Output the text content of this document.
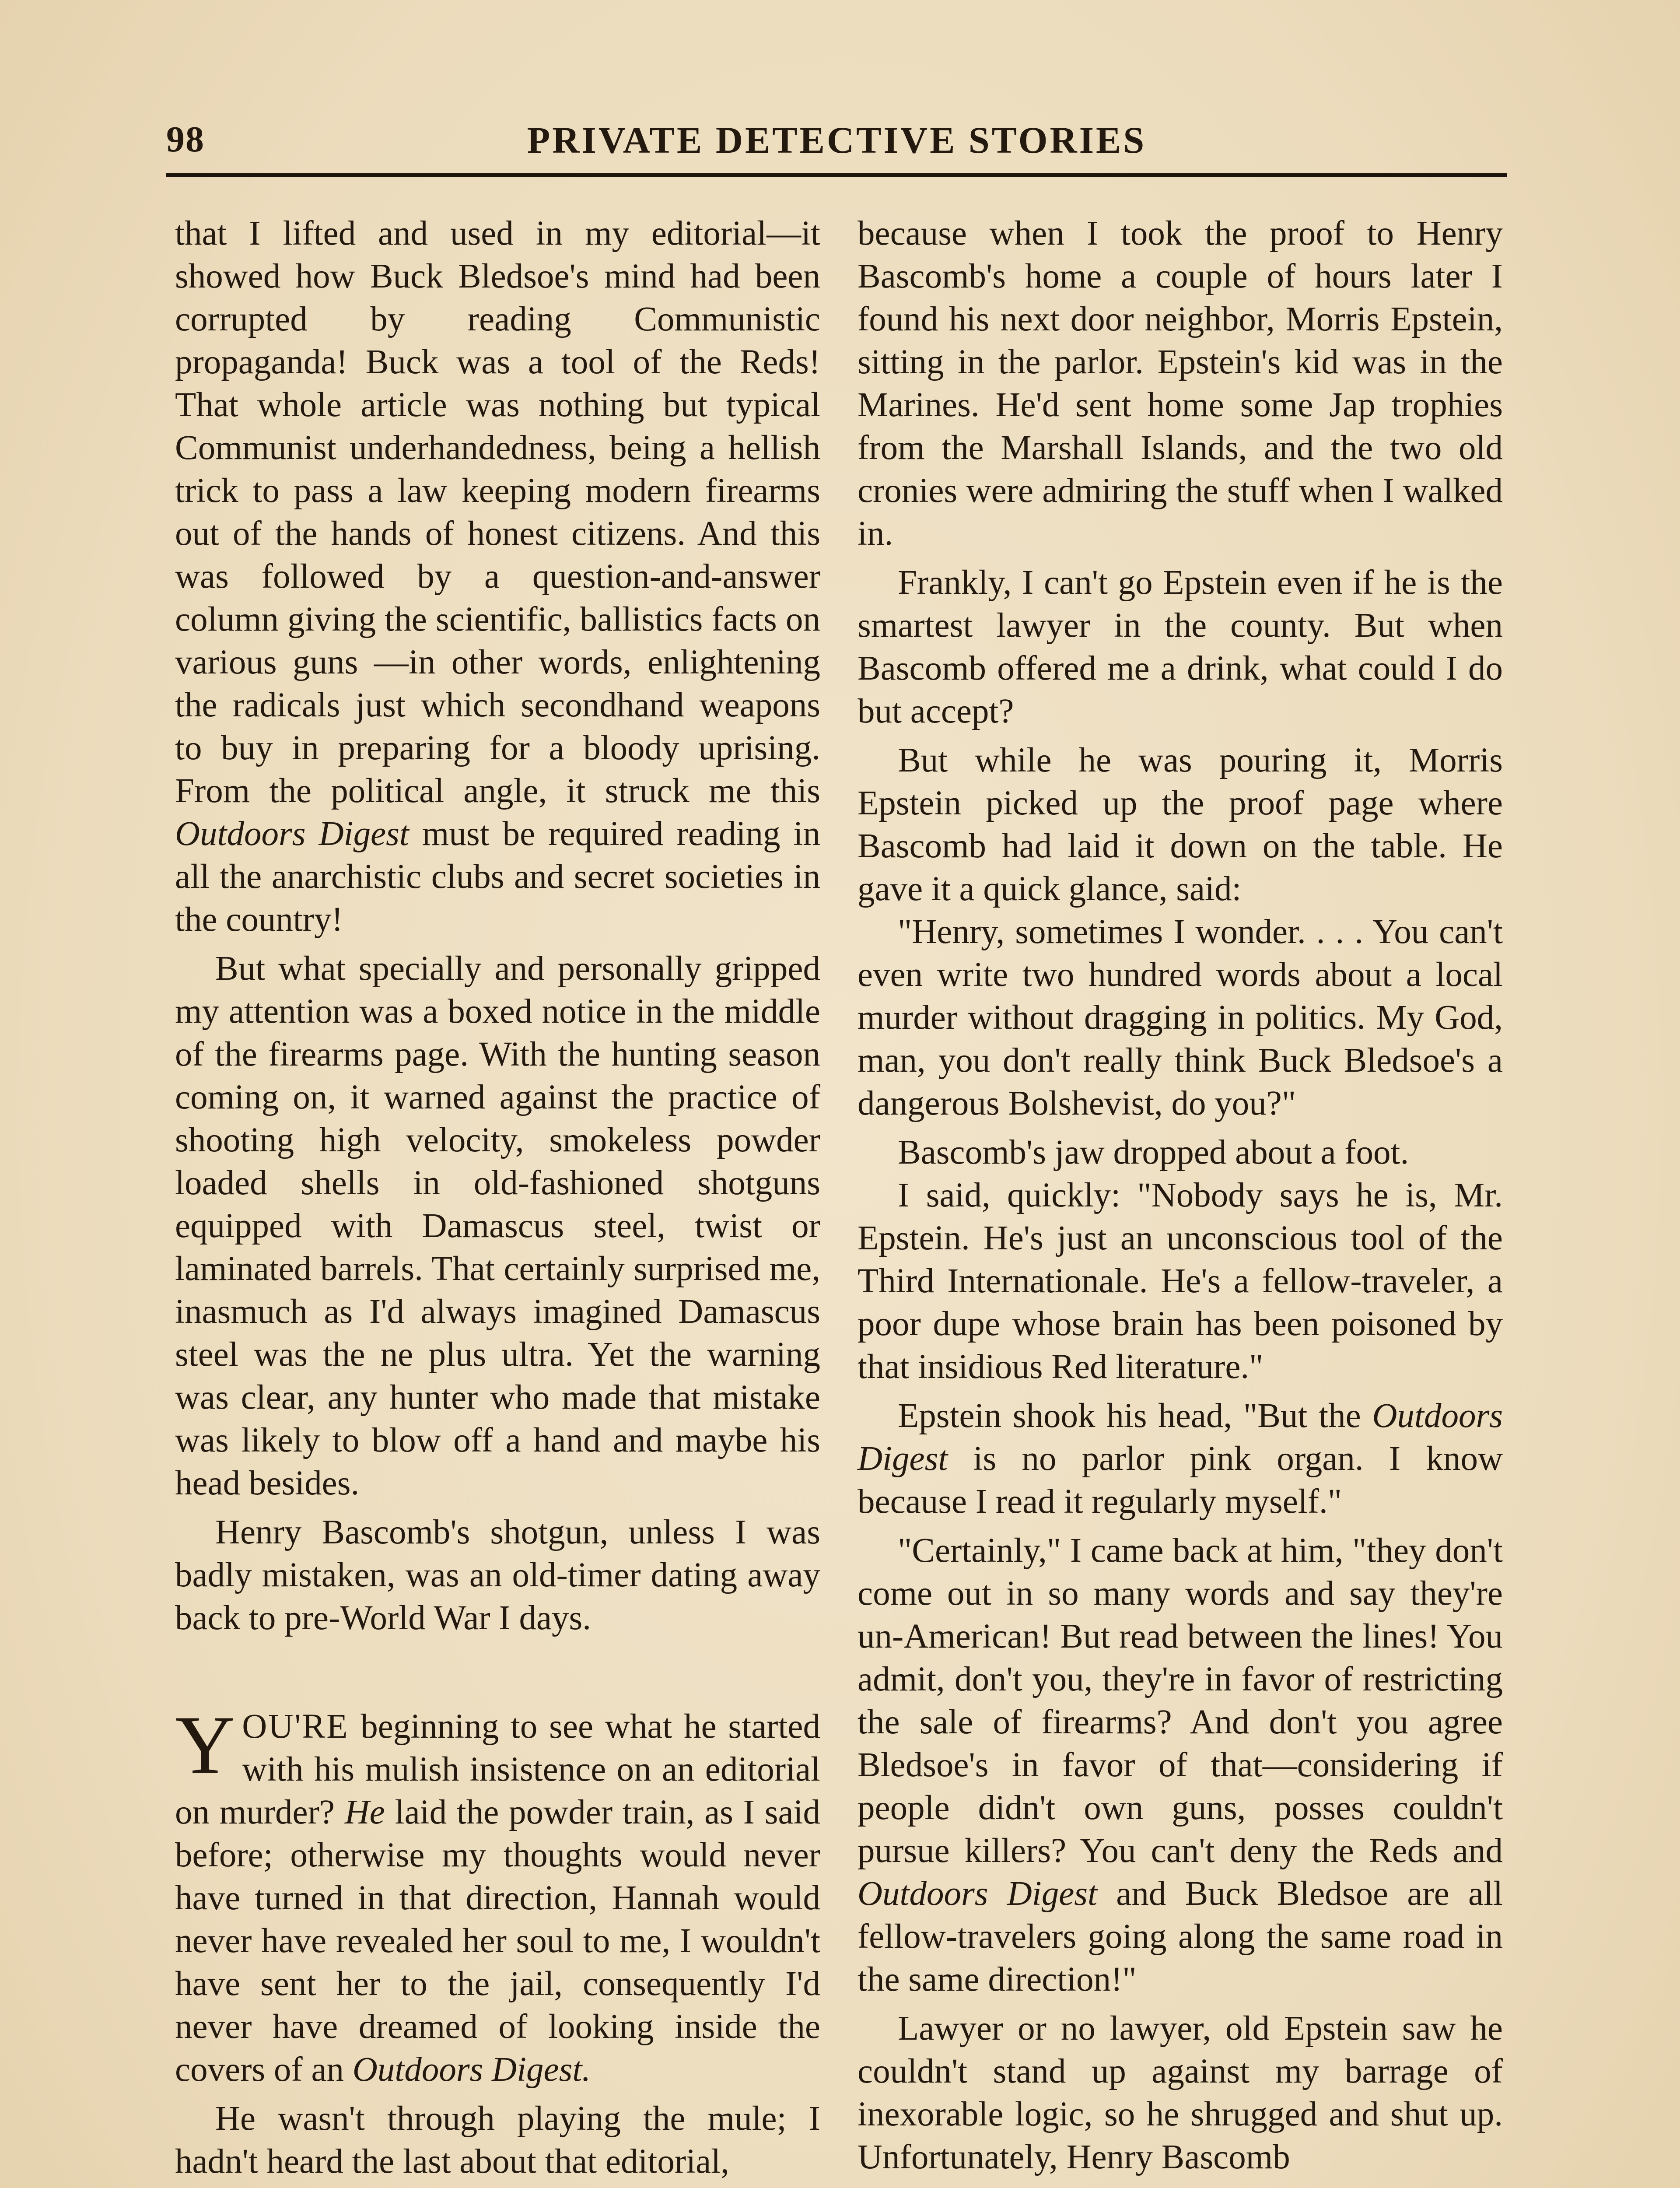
98	PRIVATE DETECTIVE STORIES

that I lifted and used in my editorial—it showed how Buck Bledsoe's mind had been corrupted by reading Communistic propaganda! Buck was a tool of the Reds! That whole article was nothing but typical Communist underhandedness, being a hellish trick to pass a law keeping modern firearms out of the hands of honest citizens. And this was followed by a question-and-answer column giving the scientific, ballistics facts on various guns —in other words, enlightening the radicals just which secondhand weapons to buy in preparing for a bloody uprising. From the political angle, it struck me this Outdoors Digest must be required reading in all the anarchistic clubs and secret societies in the country!

But what specially and personally gripped my attention was a boxed notice in the middle of the firearms page. With the hunting season coming on, it warned against the practice of shooting high velocity, smokeless powder loaded shells in old-fashioned shotguns equipped with Damascus steel, twist or laminated barrels. That certainly surprised me, inasmuch as I'd always imagined Damascus steel was the ne plus ultra. Yet the warning was clear, any hunter who made that mistake was likely to blow off a hand and maybe his head besides.

Henry Bascomb's shotgun, unless I was badly mistaken, was an old-timer dating away back to pre-World War I days.

YOU'RE beginning to see what he started with his mulish insistence on an editorial on murder? He laid the powder train, as I said before; otherwise my thoughts would never have turned in that direction, Hannah would never have revealed her soul to me, I wouldn't have sent her to the jail, consequently I'd never have dreamed of looking inside the covers of an Outdoors Digest.

He wasn't through playing the mule; I hadn't heard the last about that editorial,

because when I took the proof to Henry Bascomb's home a couple of hours later I found his next door neighbor, Morris Epstein, sitting in the parlor. Epstein's kid was in the Marines. He'd sent home some Jap trophies from the Marshall Islands, and the two old cronies were admiring the stuff when I walked in.

Frankly, I can't go Epstein even if he is the smartest lawyer in the county. But when Bascomb offered me a drink, what could I do but accept?

But while he was pouring it, Morris Epstein picked up the proof page where Bascomb had laid it down on the table. He gave it a quick glance, said:

"Henry, sometimes I wonder. . . . You can't even write two hundred words about a local murder without dragging in politics. My God, man, you don't really think Buck Bledsoe's a dangerous Bolshevist, do you?"

Bascomb's jaw dropped about a foot.

I said, quickly: "Nobody says he is, Mr. Epstein. He's just an unconscious tool of the Third Internationale. He's a fellow-traveler, a poor dupe whose brain has been poisoned by that insidious Red literature."

Epstein shook his head, "But the Outdoors Digest is no parlor pink organ. I know because I read it regularly myself."

"Certainly," I came back at him, "they don't come out in so many words and say they're un-American! But read between the lines! You admit, don't you, they're in favor of restricting the sale of firearms? And don't you agree Bledsoe's in favor of that—considering if people didn't own guns, posses couldn't pursue killers? You can't deny the Reds and Outdoors Digest and Buck Bledsoe are all fellow-travelers going along the same road in the same direction!"

Lawyer or no lawyer, old Epstein saw he couldn't stand up against my barrage of inexorable logic, so he shrugged and shut up. Unfortunately, Henry Bascomb
